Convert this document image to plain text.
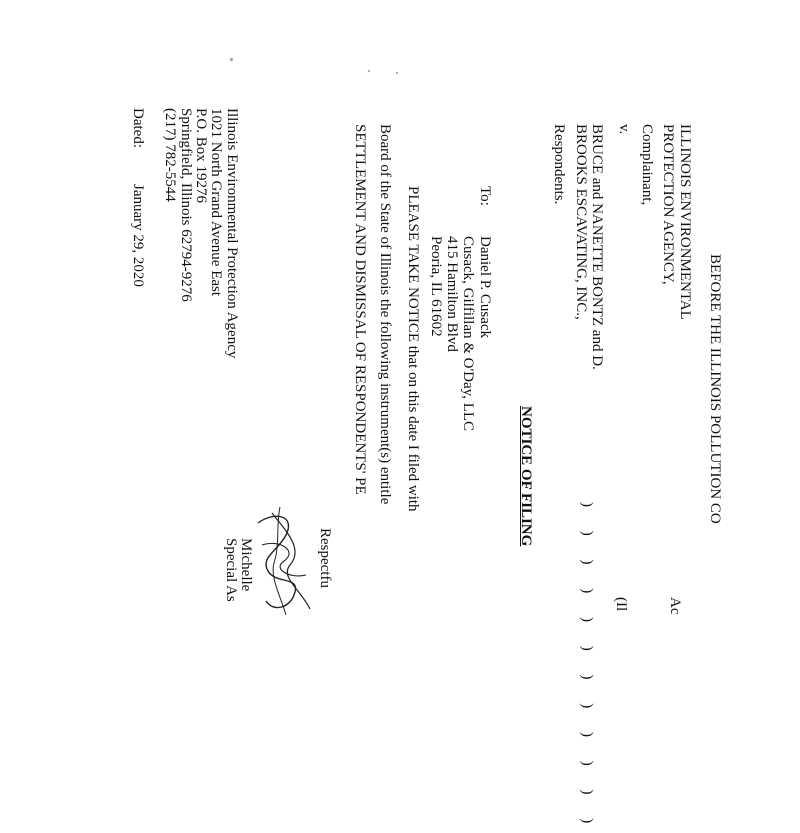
BEFORE THE ILLINOIS POLLUTION CO
ILLINOIS ENVIRONMENTAL
PROTECTION AGENCY,
Complainant,
v.
BRUCE and NANETTE BONTZ and D.
BROOKS ESCAVATING, INC.,
Respondents.
) ) ) ) ) ) ) ) ) ) ) )	Ac
(Il
NOTICE OF FILING
To:
Daniel P. Cusack
Cusack, Gilfillan & O'Day, LLC
415 Hamilton Blvd
Peoria, IL 61602
PLEASE TAKE NOTICE that on this date I filed with
Board of the State of Illinois the following instrument(s) entitle
SETTLEMENT AND DISMISSAL OF RESPONDENTS' PE
Respectfu
Michelle
Special As
Illinois Environmental Protection Agency
1021 North Grand Avenue East
P.O. Box 19276
Springfield, Illinois 62794-9276
(217) 782-5544
Dated:
January 29, 2020
